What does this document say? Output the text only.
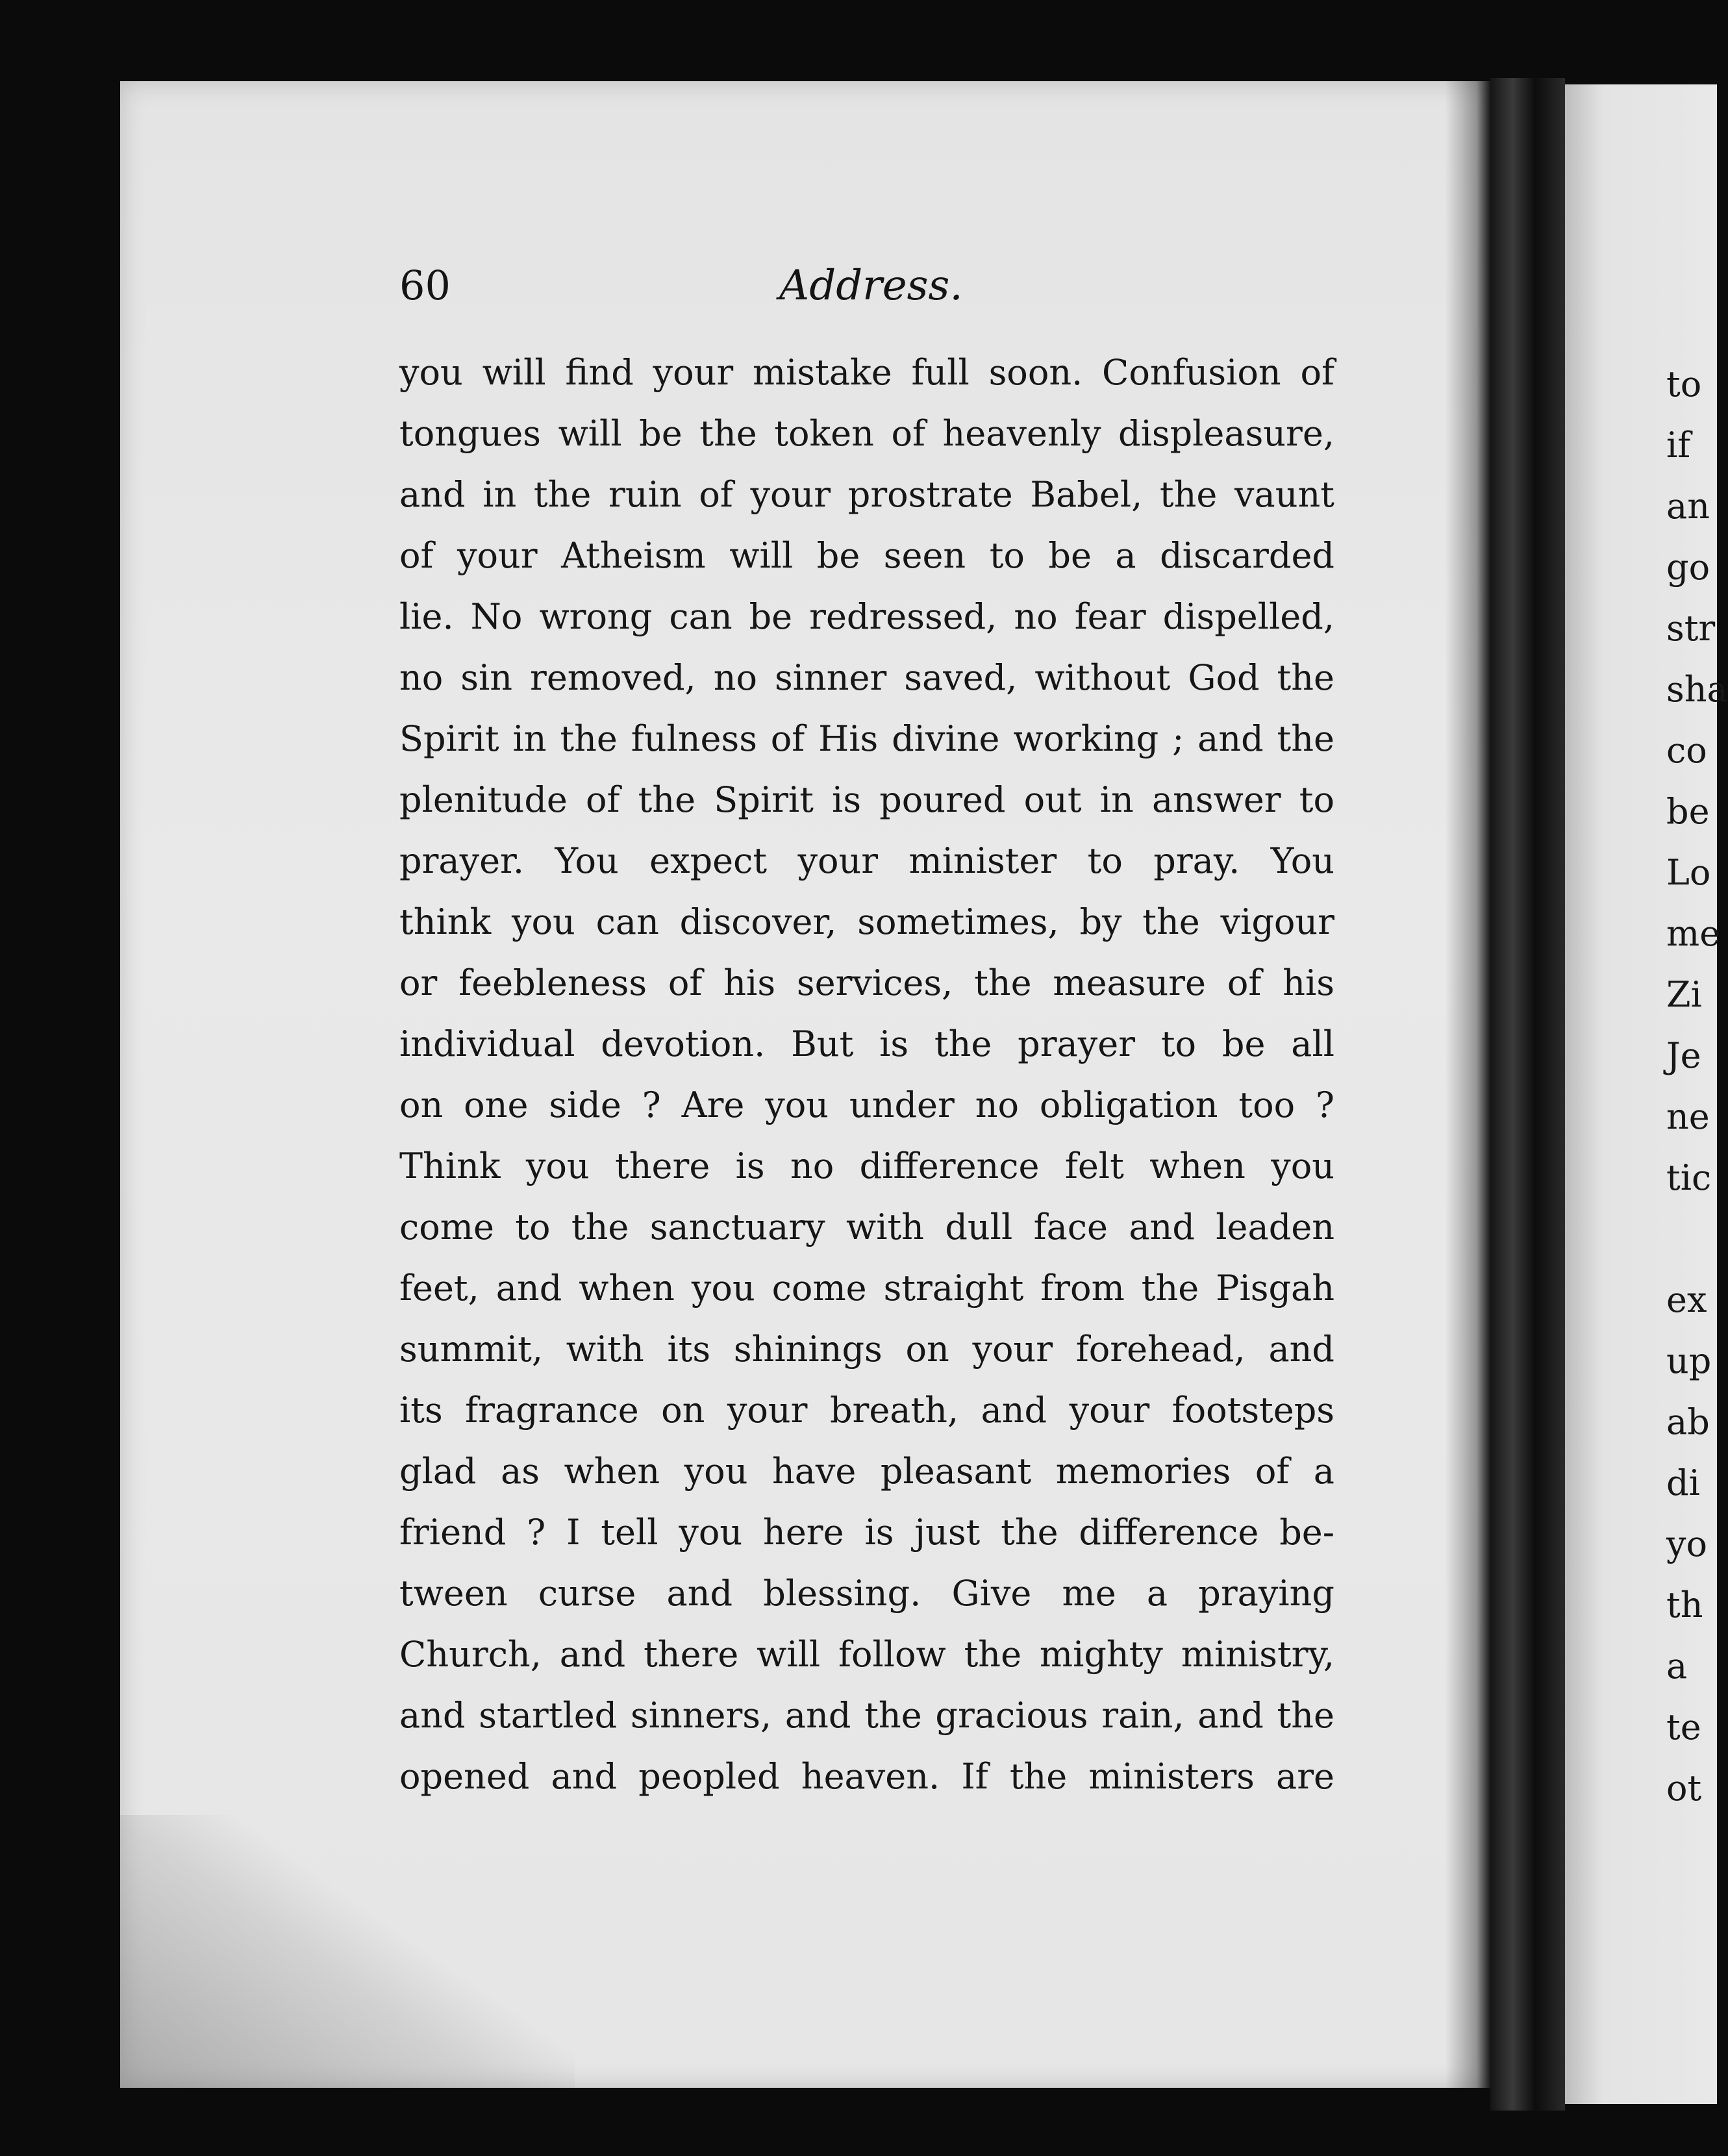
60	Address.
you will find your mistake full soon. Confusion of
tongues will be the token of heavenly displeasure,
and in the ruin of your prostrate Babel, the vaunt
of your Atheism will be seen to be a discarded
lie. No wrong can be redressed, no fear dispelled,
no sin removed, no sinner saved, without God the
Spirit in the fulness of His divine working ; and the
plenitude of the Spirit is poured out in answer to
prayer. You expect your minister to pray. You
think you can discover, sometimes, by the vigour
or feebleness of his services, the measure of his
individual devotion. But is the prayer to be all
on one side ? Are you under no obligation too ?
Think you there is no difference felt when you
come to the sanctuary with dull face and leaden
feet, and when you come straight from the Pisgah
summit, with its shinings on your forehead, and
its fragrance on your breath, and your footsteps
glad as when you have pleasant memories of a
friend ? I tell you here is just the difference be-
tween curse and blessing. Give me a praying
Church, and there will follow the mighty ministry,
and startled sinners, and the gracious rain, and the
opened and peopled heaven. If the ministers are
to
if
an
go
str
sha
co
be
Lo
me
Zi
Je
ne
tic
ex
up
ab
di
yo
th
a
te
ot
